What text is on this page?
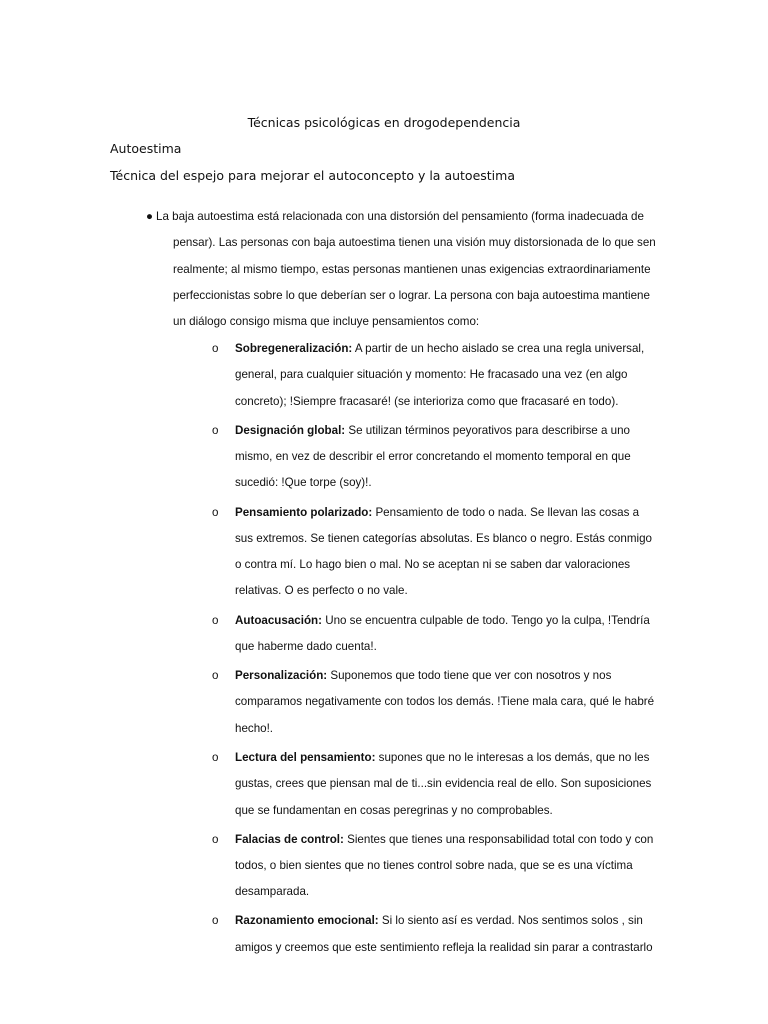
Técnicas psicológicas en drogodependencia
Autoestima
Técnica del espejo para mejorar el autoconcepto y la autoestima
● La baja autoestima está relacionada con una distorsión del pensamiento (forma inadecuada de
pensar). Las personas con baja autoestima tienen una visión muy distorsionada de lo que sen
realmente; al mismo tiempo, estas personas mantienen unas exigencias extraordinariamente
perfeccionistas sobre lo que deberían ser o lograr. La persona con baja autoestima mantiene
un diálogo consigo misma que incluye pensamientos como:
o	Sobregeneralización: A partir de un hecho aislado se crea una regla universal,
general, para cualquier situación y momento: He fracasado una vez (en algo
concreto); !Siempre fracasaré! (se interioriza como que fracasaré en todo).
o	Designación global: Se utilizan términos peyorativos para describirse a uno
mismo, en vez de describir el error concretando el momento temporal en que
sucedió: !Que torpe (soy)!.
o	Pensamiento polarizado: Pensamiento de todo o nada. Se llevan las cosas a
sus extremos. Se tienen categorías absolutas. Es blanco o negro. Estás conmigo
o contra mí. Lo hago bien o mal. No se aceptan ni se saben dar valoraciones
relativas. O es perfecto o no vale.
o	Autoacusación: Uno se encuentra culpable de todo. Tengo yo la culpa, !Tendría
que haberme dado cuenta!.
o	Personalización: Suponemos que todo tiene que ver con nosotros y nos
comparamos negativamente con todos los demás. !Tiene mala cara, qué le habré
hecho!.
o	Lectura del pensamiento: supones que no le interesas a los demás, que no les
gustas, crees que piensan mal de ti...sin evidencia real de ello. Son suposiciones
que se fundamentan en cosas peregrinas y no comprobables.
o	Falacias de control: Sientes que tienes una responsabilidad total con todo y con
todos, o bien sientes que no tienes control sobre nada, que se es una víctima
desamparada.
o	Razonamiento emocional: Si lo siento así es verdad. Nos sentimos solos , sin
amigos y creemos que este sentimiento refleja la realidad sin parar a contrastarlo
